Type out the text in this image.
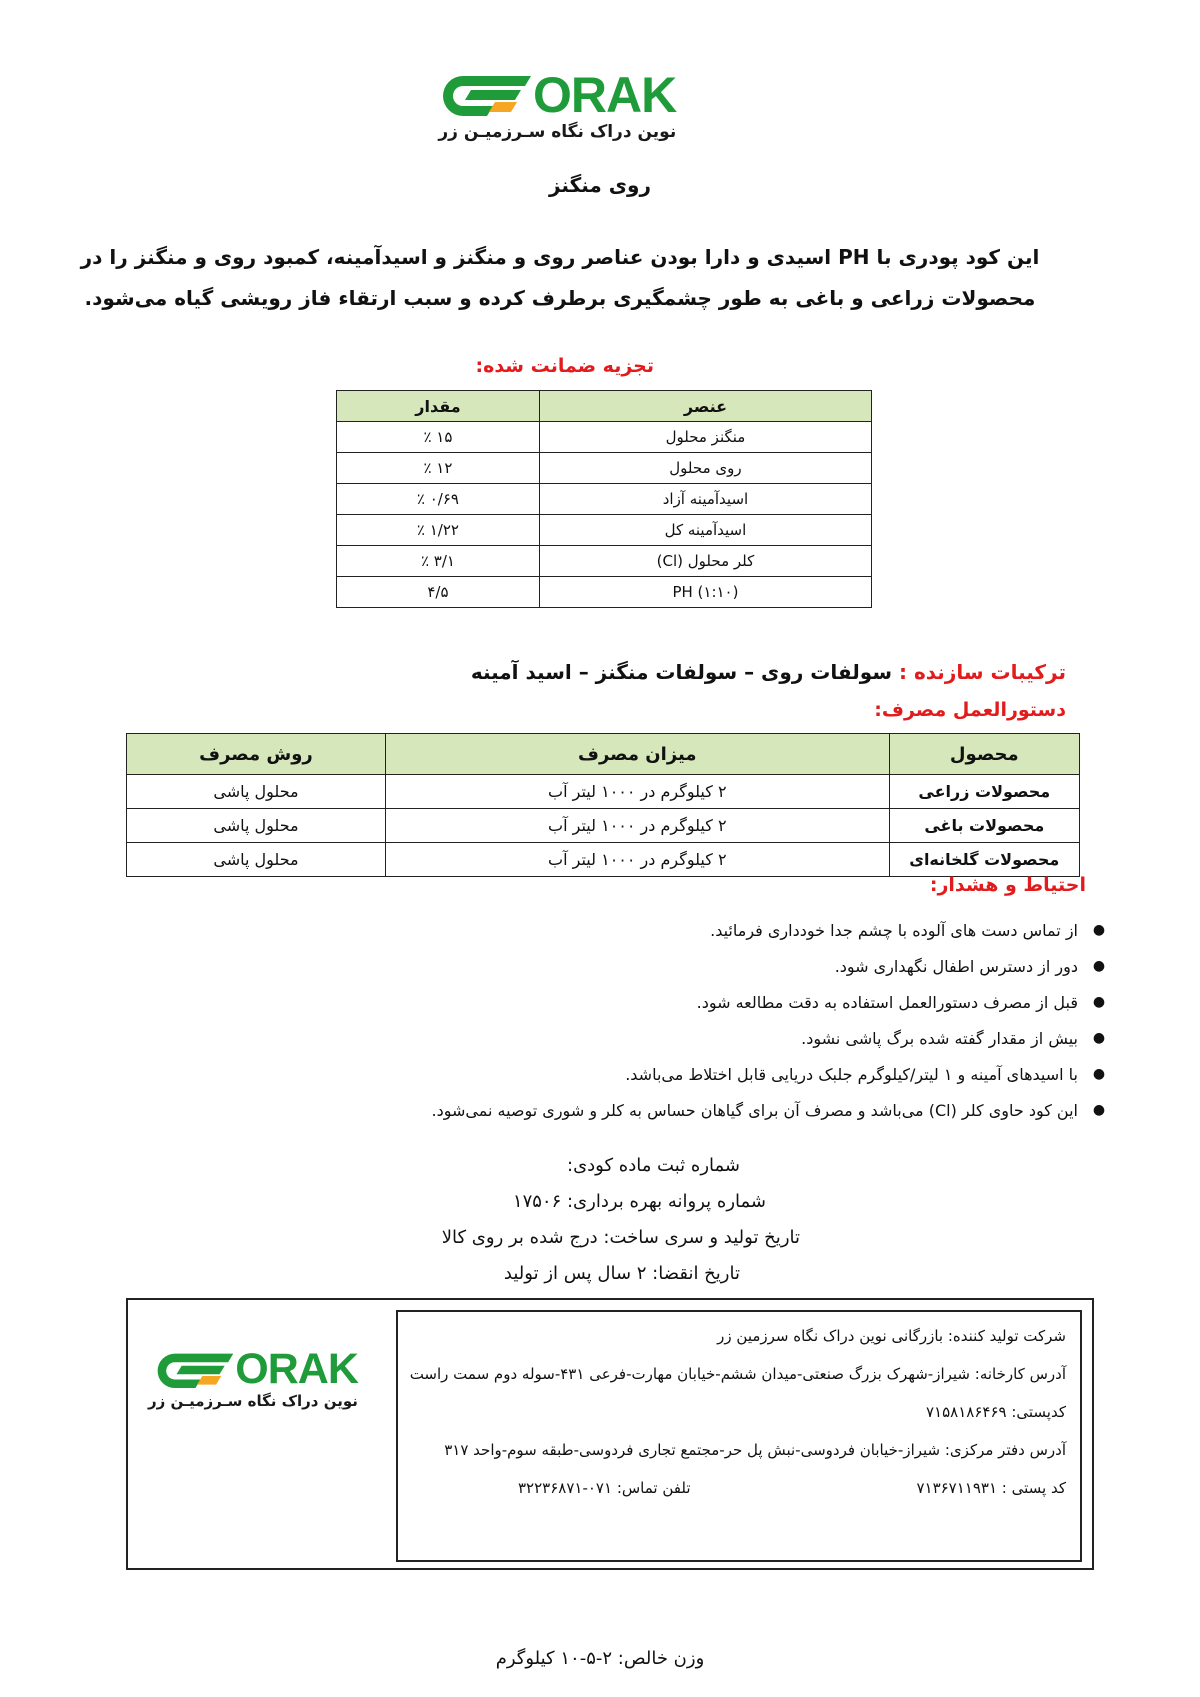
ORAK
نوین دراک نگاه سـرزمیـن زر
روی منگنز
این کود پودری با PH اسیدی و دارا بودن عناصر روی و منگنز و اسیدآمینه، کمبود روی و منگنز را در محصولات زراعی و باغی به طور چشمگیری برطرف کرده و سبب ارتقاء فاز رویشی گیاه می‌شود.
تجزیه ضمانت شده:
عنصر	مقدار
منگنز محلول	۱۵ ٪
روی محلول	۱۲ ٪
اسیدآمینه آزاد	۰/۶۹ ٪
اسیدآمینه کل	۱/۲۲ ٪
کلر محلول (Cl)	۳/۱ ٪
PH (۱:۱۰)	۴/۵
ترکیبات سازنده : سولفات روی – سولفات منگنز – اسید آمینه
دستورالعمل مصرف:
محصول	میزان مصرف	روش مصرف
محصولات زراعی	۲ کیلوگرم در ۱۰۰۰ لیتر آب	محلول پاشی
محصولات باغی	۲ کیلوگرم در ۱۰۰۰ لیتر آب	محلول پاشی
محصولات گلخانه‌ای	۲ کیلوگرم در ۱۰۰۰ لیتر آب	محلول پاشی
احتیاط و هشدار:
●
از تماس دست های آلوده با چشم جدا خودداری فرمائید.
●
دور از دسترس اطفال نگهداری شود.
●
قبل از مصرف دستورالعمل استفاده به دقت مطالعه شود.
●
بیش از مقدار گفته شده برگ پاشی نشود.
●
با اسیدهای آمینه و ۱ لیتر/کیلوگرم جلبک دریایی قابل اختلاط می‌باشد.
●
این کود حاوی کلر (Cl) می‌باشد و مصرف آن برای گیاهان حساس به کلر و شوری توصیه نمی‌شود.
شماره ثبت ماده کودی:
شماره پروانه بهره برداری: ۱۷۵۰۶
تاریخ تولید و سری ساخت: درج شده بر روی کالا
تاریخ انقضا: ۲ سال پس از تولید
ORAK
نوین دراک نگاه سـرزمیـن زر
شرکت تولید کننده: بازرگانی نوین دراک نگاه سرزمین زر
آدرس کارخانه: شیراز-شهرک بزرگ صنعتی-میدان ششم-خیابان مهارت-فرعی ۴۳۱-سوله دوم سمت راست
کدپستی: ۷۱۵۸۱۸۶۴۶۹
آدرس دفتر مرکزی: شیراز-خیابان فردوسی-نبش پل حر-مجتمع تجاری فردوسی-طبقه سوم-واحد ۳۱۷
کد پستی : ۷۱۳۶۷۱۱۹۳۱
تلفن تماس: ۰۷۱-۳۲۲۳۶۸۷۱
وزن خالص: ۲-۵-۱۰ کیلوگرم
